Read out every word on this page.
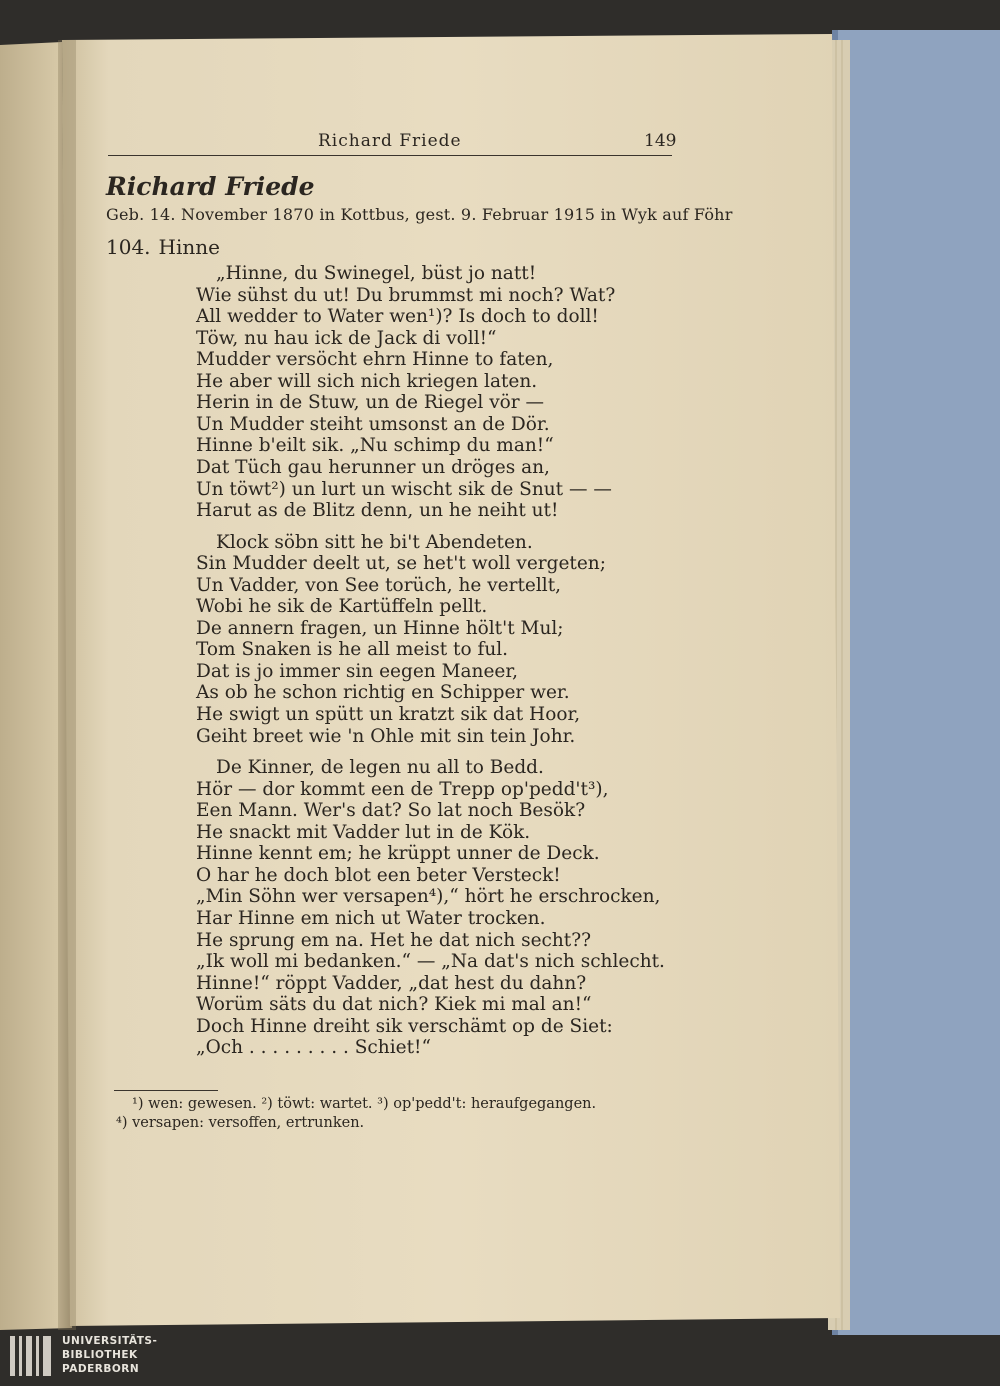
Richard Friede	149

Richard Friede

Geb. 14. November 1870 in Kottbus, gest. 9. Februar 1915 in Wyk auf Föhr

104. Hinne

„Hinne, du Swinegel, büst jo natt!

Wie sühst du ut! Du brummst mi noch? Wat?

All wedder to Water wen¹)? Is doch to doll!

Töw, nu hau ick de Jack di voll!“

Mudder versöcht ehrn Hinne to faten,

He aber will sich nich kriegen laten.

Herin in de Stuw, un de Riegel vör —

Un Mudder steiht umsonst an de Dör.

Hinne b'eilt sik. „Nu schimp du man!“

Dat Tüch gau herunner un dröges an,

Un töwt²) un lurt un wischt sik de Snut — —

Harut as de Blitz denn, un he neiht ut!

Klock söbn sitt he bi't Abendeten.

Sin Mudder deelt ut, se het't woll vergeten;

Un Vadder, von See torüch, he vertellt,

Wobi he sik de Kartüffeln pellt.

De annern fragen, un Hinne hölt't Mul;

Tom Snaken is he all meist to ful.

Dat is jo immer sin eegen Maneer,

As ob he schon richtig en Schipper wer.

He swigt un spütt un kratzt sik dat Hoor,

Geiht breet wie 'n Ohle mit sin tein Johr.

De Kinner, de legen nu all to Bedd.

Hör — dor kommt een de Trepp op'pedd't³),

Een Mann. Wer's dat? So lat noch Besök?

He snackt mit Vadder lut in de Kök.

Hinne kennt em; he krüppt unner de Deck.

O har he doch blot een beter Versteck!

„Min Söhn wer versapen⁴),“ hört he erschrocken,

Har Hinne em nich ut Water trocken.

He sprung em na. Het he dat nich secht??

„Ik woll mi bedanken.“ — „Na dat's nich schlecht.

Hinne!“ röppt Vadder, „dat hest du dahn?

Worüm säts du dat nich? Kiek mi mal an!“

Doch Hinne dreiht sik verschämt op de Siet:

„Och . . . . . . . . . Schiet!“

¹) wen: gewesen. ²) töwt: wartet. ³) op'pedd't: heraufgegangen.

⁴) versapen: versoffen, ertrunken.

UNIVERSITÄTS-

BIBLIOTHEK

PADERBORN
